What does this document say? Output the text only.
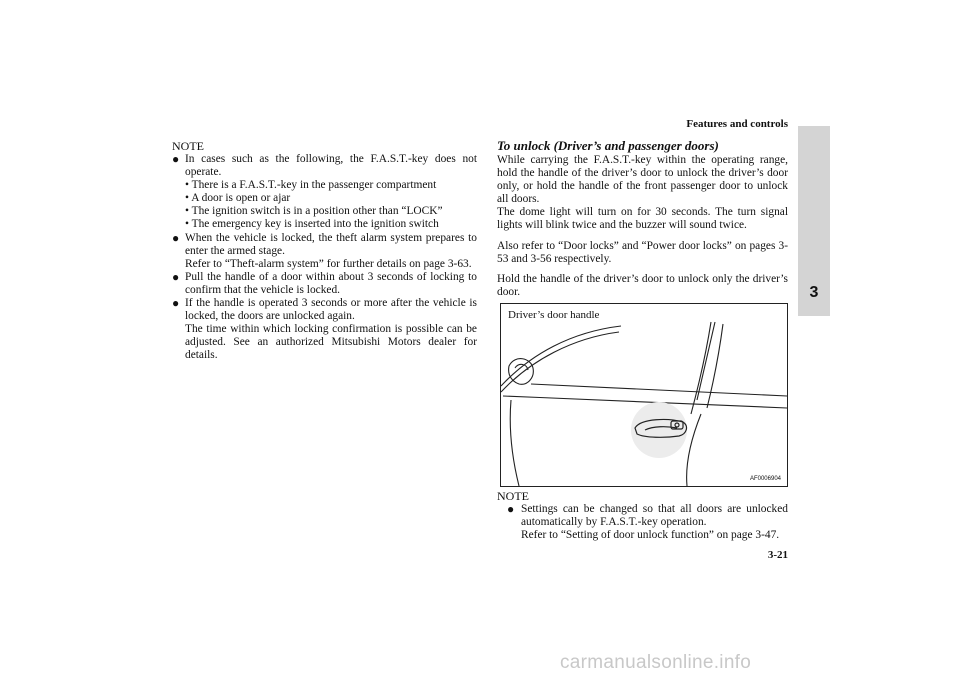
Features and controls
3

NOTE

● In cases such as the following, the F.A.S.T.-key does not operate.

• There is a F.A.S.T.-key in the passenger compartment

• A door is open or ajar

• The ignition switch is in a position other than “LOCK”

• The emergency key is inserted into the ignition switch

● When the vehicle is locked, the theft alarm system prepares to enter the armed stage.

Refer to “Theft-alarm system” for further details on page 3-63.

● Pull the handle of a door within about 3 seconds of locking to confirm that the vehicle is locked.

● If the handle is operated 3 seconds or more after the vehicle is locked, the doors are unlocked again.

The time within which locking confirmation is possible can be adjusted. See an authorized Mitsubishi Motors dealer for details.

To unlock (Driver’s and passenger doors)

While carrying the F.A.S.T.-key within the operating range, hold the handle of the driver’s door to unlock the driver’s door only, or hold the handle of the front passenger door to unlock all doors.

The dome light will turn on for 30 seconds. The turn signal lights will blink twice and the buzzer will sound twice.

Also refer to “Door locks” and “Power door locks” on pages 3-53 and 3-56 respectively.

Hold the handle of the driver’s door to unlock only the driver’s door.

Driver’s door handle
AF0006904

NOTE

● Settings can be changed so that all doors are unlocked automatically by F.A.S.T.-key operation.

Refer to “Setting of door unlock function” on page 3-47.

3-21
carmanualsonline.info
